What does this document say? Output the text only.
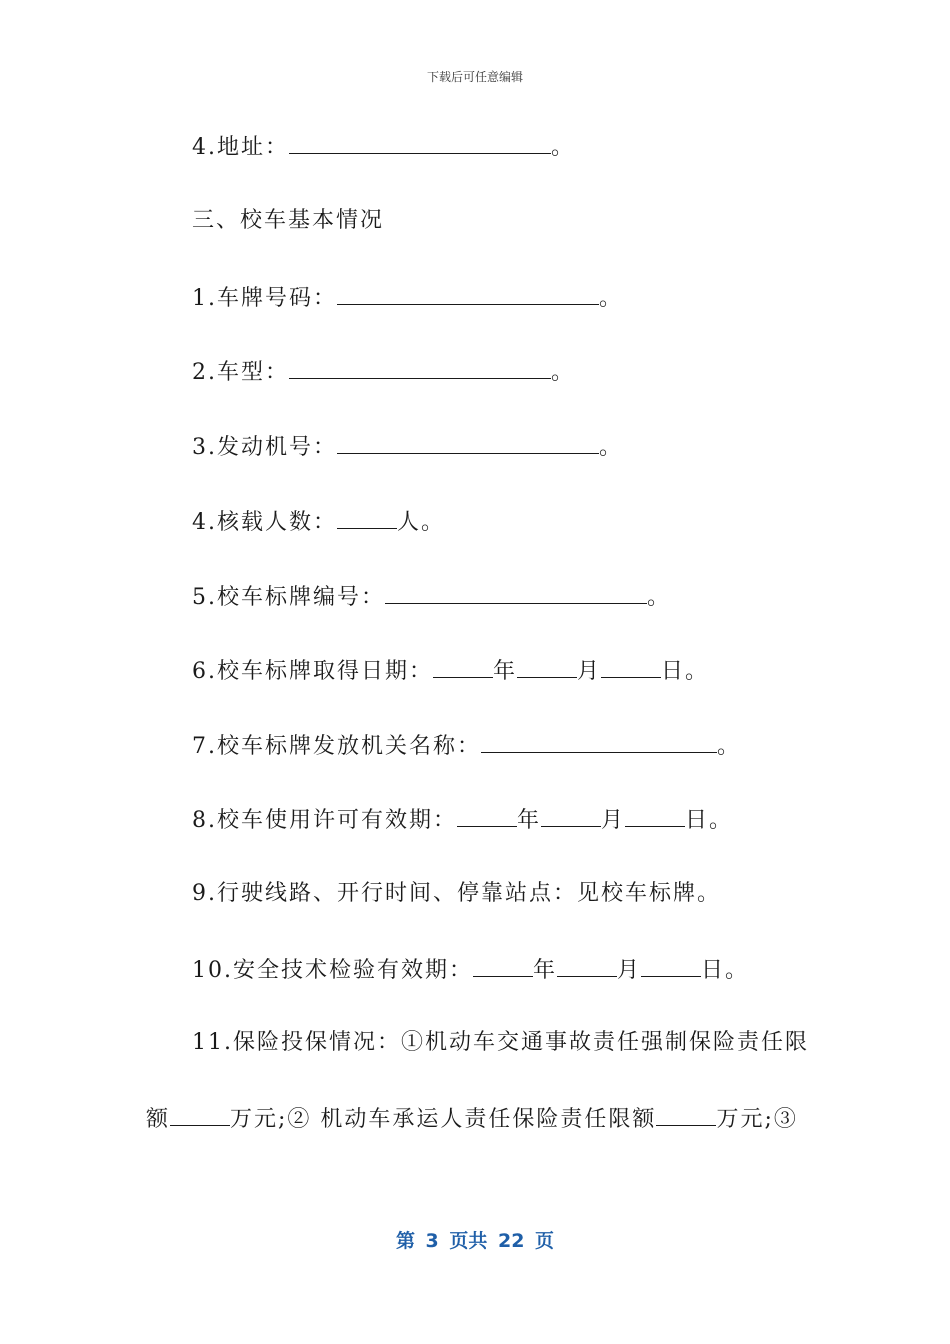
下载后可任意编辑
4.地址：	。
三、校车基本情况
1.车牌号码：	。
2.车型：	。
3.发动机号：	。
4.核载人数：	人。
5.校车标牌编号：	。
6.校车标牌取得日期：	年	月	日。
7.校车标牌发放机关名称：	。
8.校车使用许可有效期：	年	月	日。
9.行驶线路、开行时间、停靠站点：见校车标牌。
10.安全技术检验有效期：	年	月	日。
11.保险投保情况：①机动车交通事故责任强制保险责任限
额	万元;② 机动车承运人责任保险责任限额	万元;③
第 3 页共 22 页
